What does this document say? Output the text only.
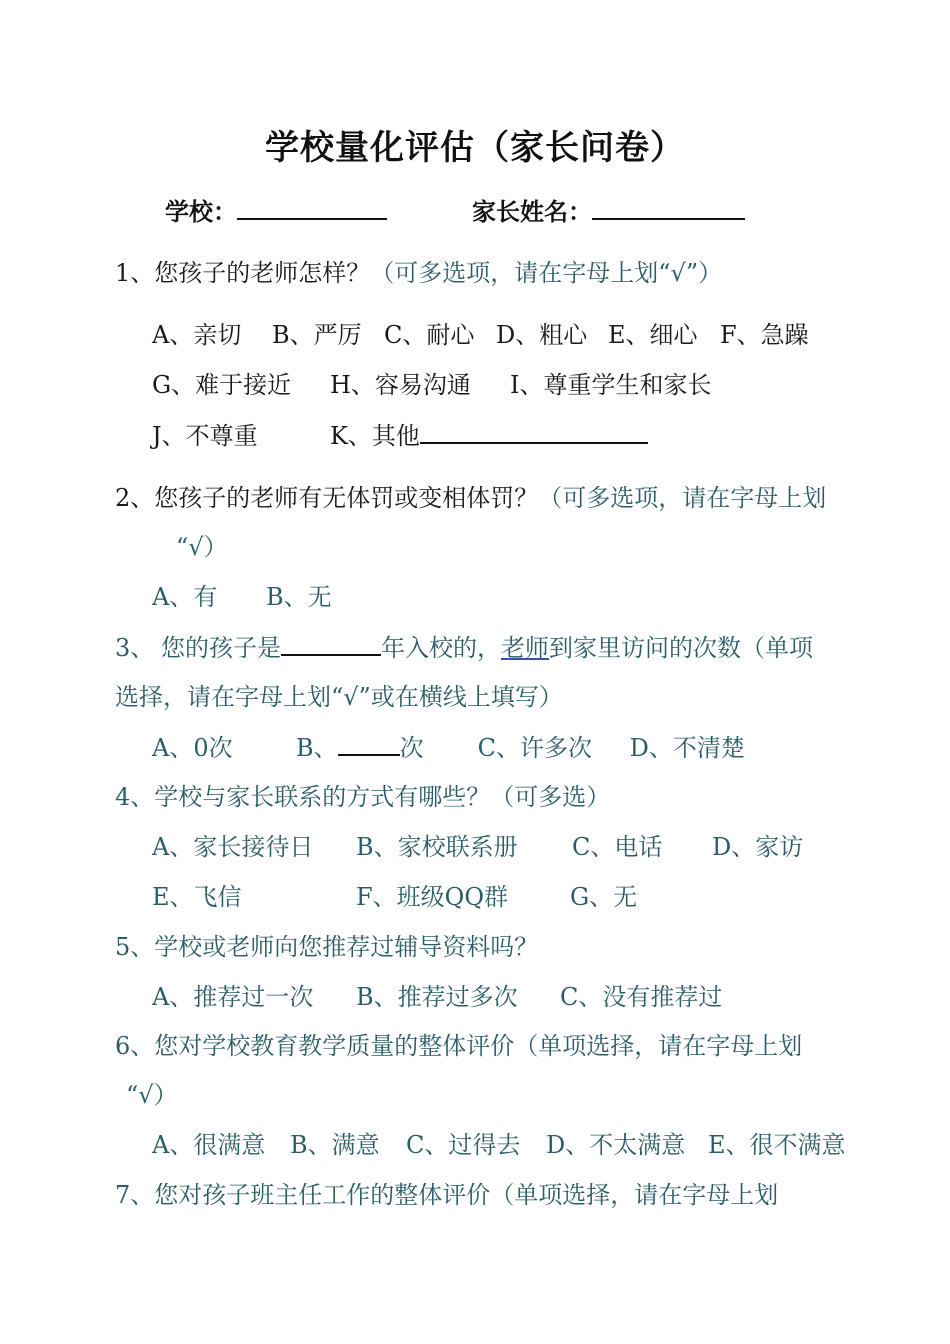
学校量化评估（家长问卷）
学校：	家长姓名：
1、您孩子的老师怎样？（可多选项，请在字母上划“√”）
A、亲切 B、严厉 C、耐心 D、粗心 E、细心 F、急躁
G、难于接近 H、容易沟通 I、尊重学生和家长
J、不尊重	K、其他
2、您孩子的老师有无体罚或变相体罚？（可多选项，请在字母上划
“√）
A、有 B、无
3、 您的孩子是	年入校的，老师到家里访问的次数（单项
选择，请在字母上划“√”或在横线上填写）
A、0次	B、	次 C、许多次 D、不清楚
4、学校与家长联系的方式有哪些？（可多选）
A、家长接待日 B、家校联系册 C、电话 D、家访
E、飞信	F、班级QQ群	G、无
5、学校或老师向您推荐过辅导资料吗？
A、推荐过一次 B、推荐过多次 C、没有推荐过
6、您对学校教育教学质量的整体评价（单项选择，请在字母上划
“√）
A、很满意 B、满意 C、过得去 D、不太满意 E、很不满意
7、您对孩子班主任工作的整体评价（单项选择，请在字母上划
